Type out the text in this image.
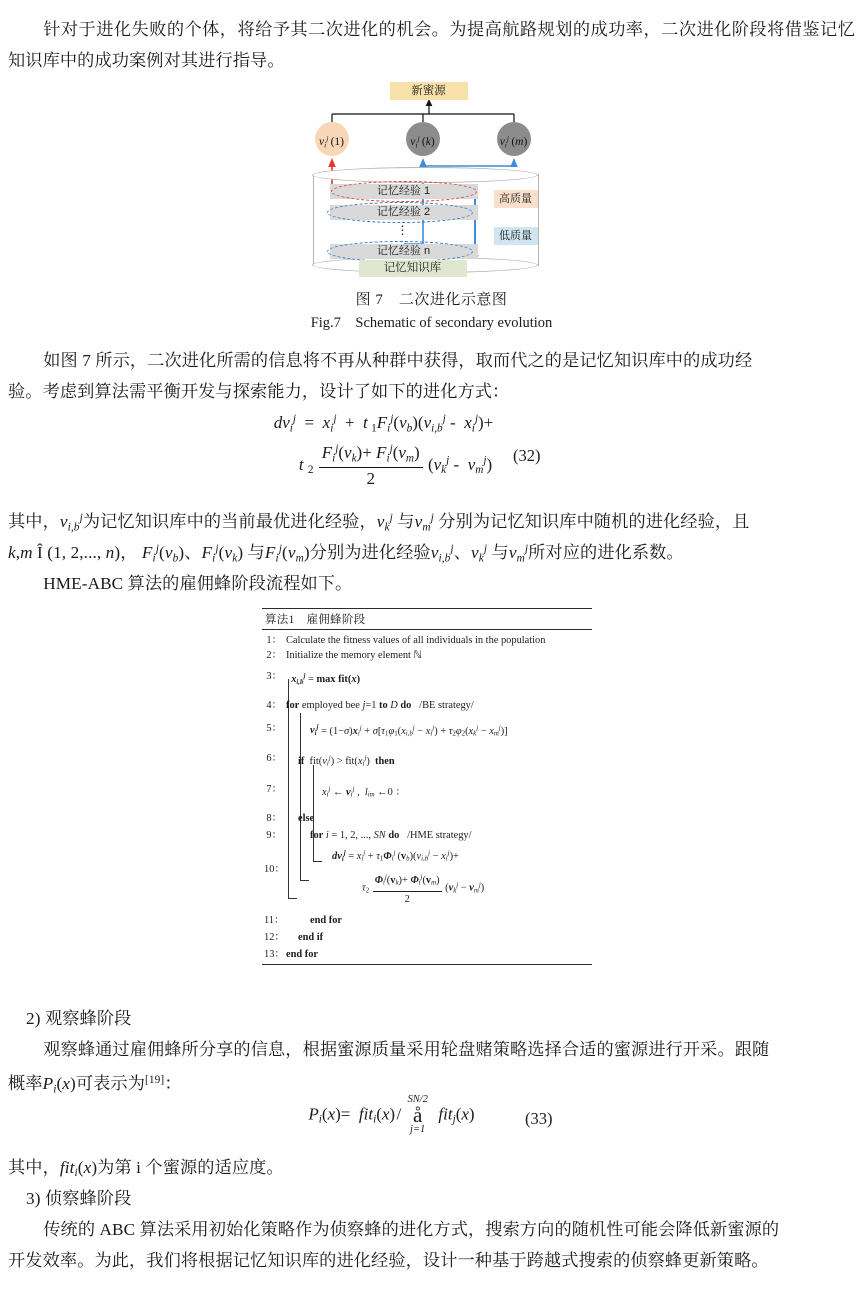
针对于进化失败的个体，将给予其二次进化的机会。为提高航路规划的成功率，二次进化阶段将借鉴记忆知识库中的成功案例对其进行指导。
新蜜源
$v_i^j$ (1)	$v_i^j$ (k)	$v_i^j$ (m)
记忆经验 1
记忆经验 2
⋮
记忆经验 n
高质量
低质量
记忆知识库
图 7　二次进化示意图
Fig.7　Schematic of secondary evolution
如图 7 所示，二次进化所需的信息将不再从种群中获得，取而代之的是记忆知识库中的成功经
验。考虑到算法需平衡开发与探索能力，设计了如下的进化方式：
$dv_i^j = x_i^j + t$  $_1F_i^j(v_b)(v_{i,b}^j - x_i^j)+$
t $_2 \frac{F_i^j(v_k)+ F_i^j(v_m)}{2} (v_k^j - v_m^j)$	(32)
其中，$v_{i,b}^j$为记忆知识库中的当前最优进化经验，$v_k^j$ 与$v_m^j$ 分别为记忆知识库中随机的进化经验，且
k,m Î (1, 2,..., n)， $F_i^j(v_b)$、$F_i^j(v_k)$ 与$F_i^j(v_m)$分别为进化经验$v_{i,b}^j$、$v_k^j$ 与$v_m^j$所对应的进化系数。
HME-ABC 算法的雇佣蜂阶段流程如下。
算法1　雇佣蜂阶段
1： Calculate the fitness values of all individuals in the population
2： Initialize the memory element ℕ
3： $x_{i,b}^j = \max fit(x)$
4： for employed bee j=1 to D do   /BE strategy/
5：	$v_i^j = (1-\sigma)x_i^j + \sigma[\tau_1\varphi_1(x_{i,b}^j - x_i^j) + \tau_2\varphi_2(x_k^j - x_m^j)]$
6：	if  $fit(v_i^j) > fit(x_i^j)$  then
7：	$x_i^j$ ← $v_i^j$ ,  $l_{im}$ ←0 ：
8：	else
9：	for i = 1, 2, ..., SN do   /HME strategy/
10：
$dv_i^j = x_i^j + \tau_1\Phi_i^j$ $(v_b)(v_{i,b}^j - x_i^j)+$
$\tau_2 \frac{\Phi_i^j(v_k)+ \Phi_i^j(v_m)}{2} (v_k^j - v_m^j)$
11：	end for
12：	end if
13： end for
2) 观察蜂阶段
观察蜂通过雇佣蜂所分享的信息，根据蜜源质量采用轮盘赌策略选择合适的蜜源进行开采。跟随
概率$P_i(x)$可表示为[19]：
$P_i(x)= fit_i(x)$ /
SN/2
å
j=1
fit$_j$(x)	(33)
其中，fit$_i$(x)为第 i 个蜜源的适应度。
3) 侦察蜂阶段
传统的 ABC 算法采用初始化策略作为侦察蜂的进化方式，搜索方向的随机性可能会降低新蜜源的
开发效率。为此，我们将根据记忆知识库的进化经验，设计一种基于跨越式搜索的侦察蜂更新策略。
